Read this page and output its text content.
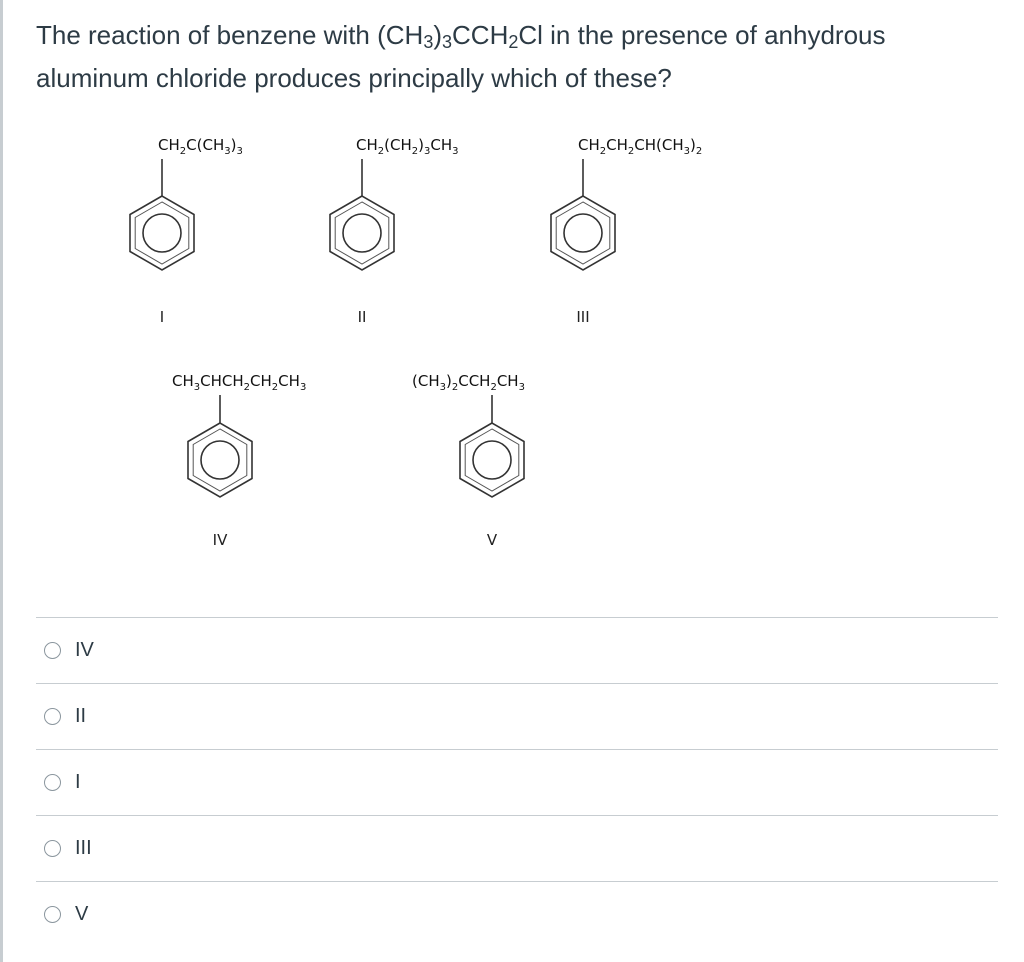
The reaction of benzene with $(CH_3)_3CCH_2Cl$ in the presence of anhydrous
aluminum chloride produces principally which of these?
$CH_2C(CH_3)_3$
I
$CH_2(CH_2)_3CH_3$
II
$CH_2CH_2CH(CH_3)_2$
III
$CH_3CHCH_2CH_2CH_3$
IV
$(CH_3)_2CCH_2CH_3$
V
IV
II
I
III
V
